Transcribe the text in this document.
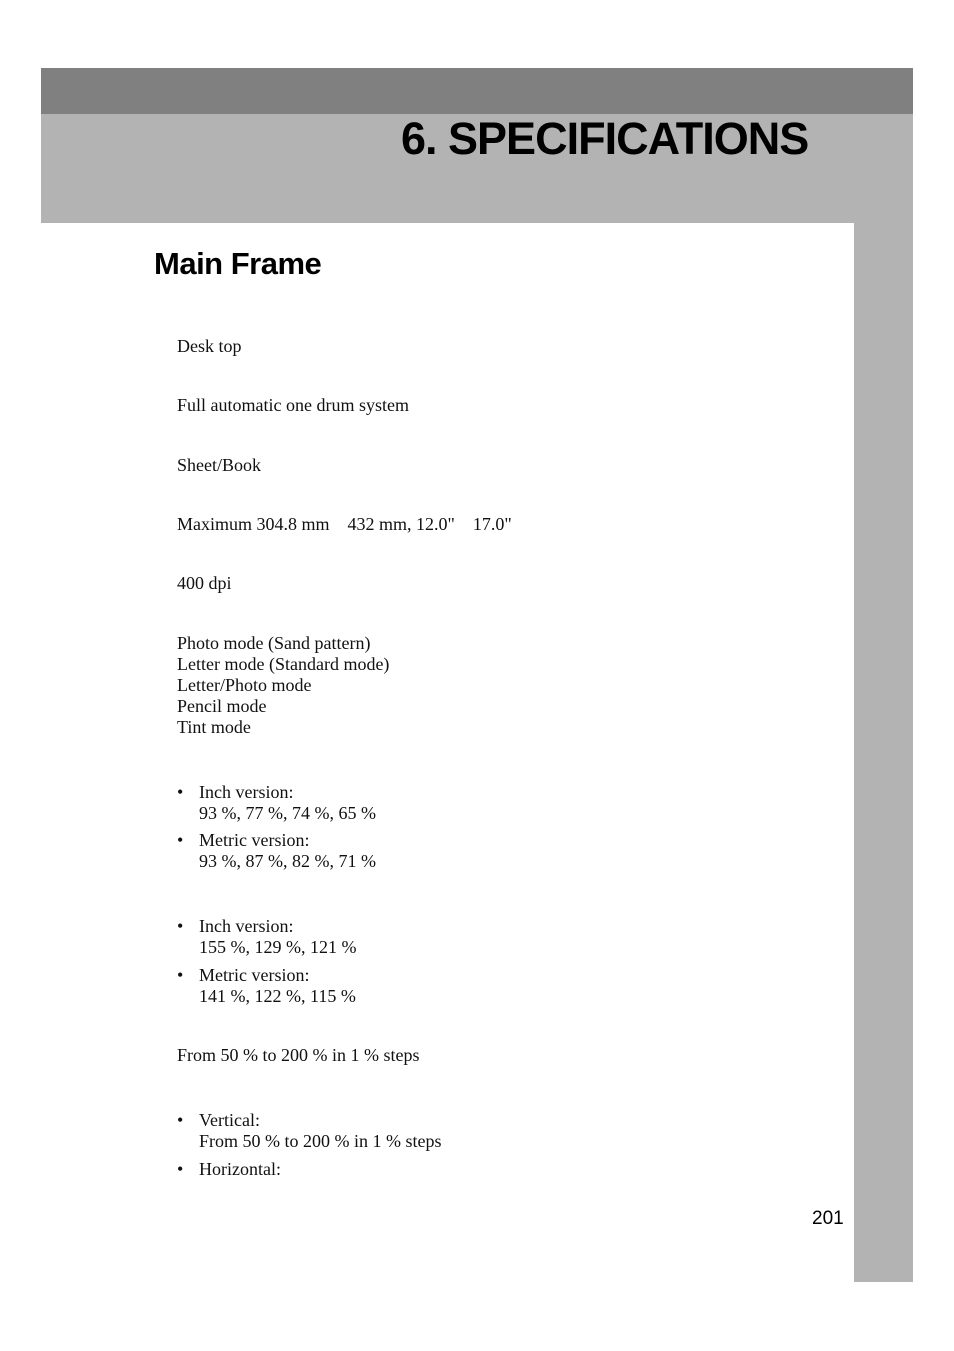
6. SPECIFICATIONS
Main Frame

Desk top

Full automatic one drum system

Sheet/Book

Maximum 304.8 mm    432 mm, 12.0"    17.0"

400 dpi

Photo mode (Sand pattern)
Letter mode (Standard mode)
Letter/Photo mode
Pencil mode
Tint mode
• Inch version:
93 %, 77 %, 74 %, 65 %
• Metric version:
93 %, 87 %, 82 %, 71 %
• Inch version:
155 %, 129 %, 121 %
• Metric version:
141 %, 122 %, 115 %

From 50 % to 200 % in 1 % steps

• Vertical:
From 50 % to 200 % in 1 % steps
• Horizontal:
201
